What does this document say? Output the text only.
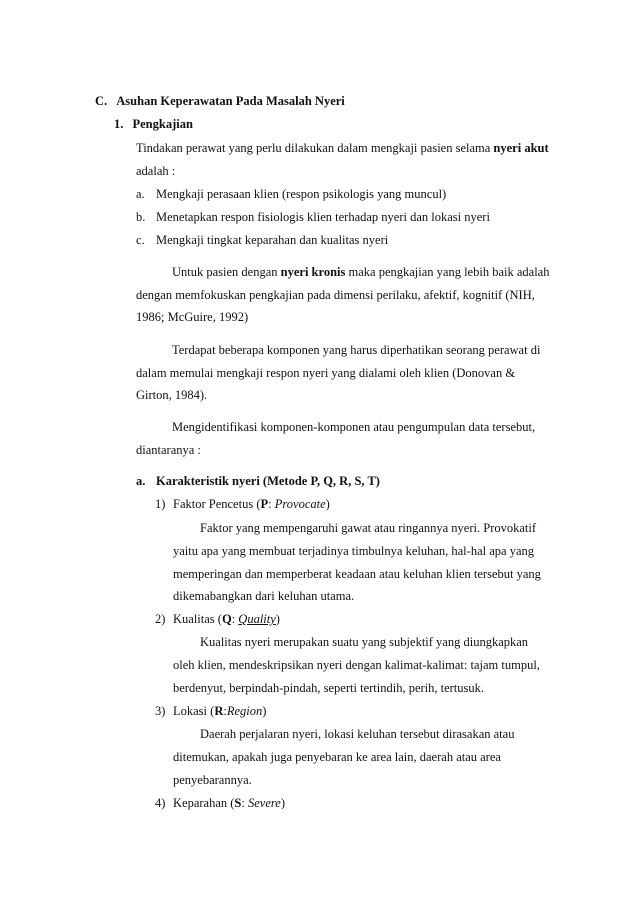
C. Asuhan Keperawatan Pada Masalah Nyeri
1. Pengkajian
Tindakan perawat yang perlu dilakukan dalam mengkaji pasien selama nyeri akut
adalah :
a. Mengkaji perasaan klien (respon psikologis yang muncul)
b. Menetapkan respon fisiologis klien terhadap nyeri dan lokasi nyeri
c. Mengkaji tingkat keparahan dan kualitas nyeri
Untuk pasien dengan nyeri kronis maka pengkajian yang lebih baik adalah
dengan memfokuskan pengkajian pada dimensi perilaku, afektif, kognitif (NIH,
1986; McGuire, 1992)
Terdapat beberapa komponen yang harus diperhatikan seorang perawat di
dalam memulai mengkaji respon nyeri yang dialami oleh klien (Donovan &
Girton, 1984).
Mengidentifikasi komponen-komponen atau pengumpulan data tersebut,
diantaranya :
a. Karakteristik nyeri (Metode P, Q, R, S, T)
1) Faktor Pencetus (P: Provocate)
Faktor yang mempengaruhi gawat atau ringannya nyeri. Provokatif
yaitu apa yang membuat terjadinya timbulnya keluhan, hal-hal apa yang
memperingan dan memperberat keadaan atau keluhan klien tersebut yang
dikemabangkan dari keluhan utama.
2) Kualitas (Q: Quality)
Kualitas nyeri merupakan suatu yang subjektif yang diungkapkan
oleh klien, mendeskripsikan nyeri dengan kalimat-kalimat: tajam tumpul,
berdenyut, berpindah-pindah, seperti tertindih, perih, tertusuk.
3) Lokasi (R:Region)
Daerah perjalaran nyeri, lokasi keluhan tersebut dirasakan atau
ditemukan, apakah juga penyebaran ke area lain, daerah atau area
penyebarannya.
4) Keparahan (S: Severe)
